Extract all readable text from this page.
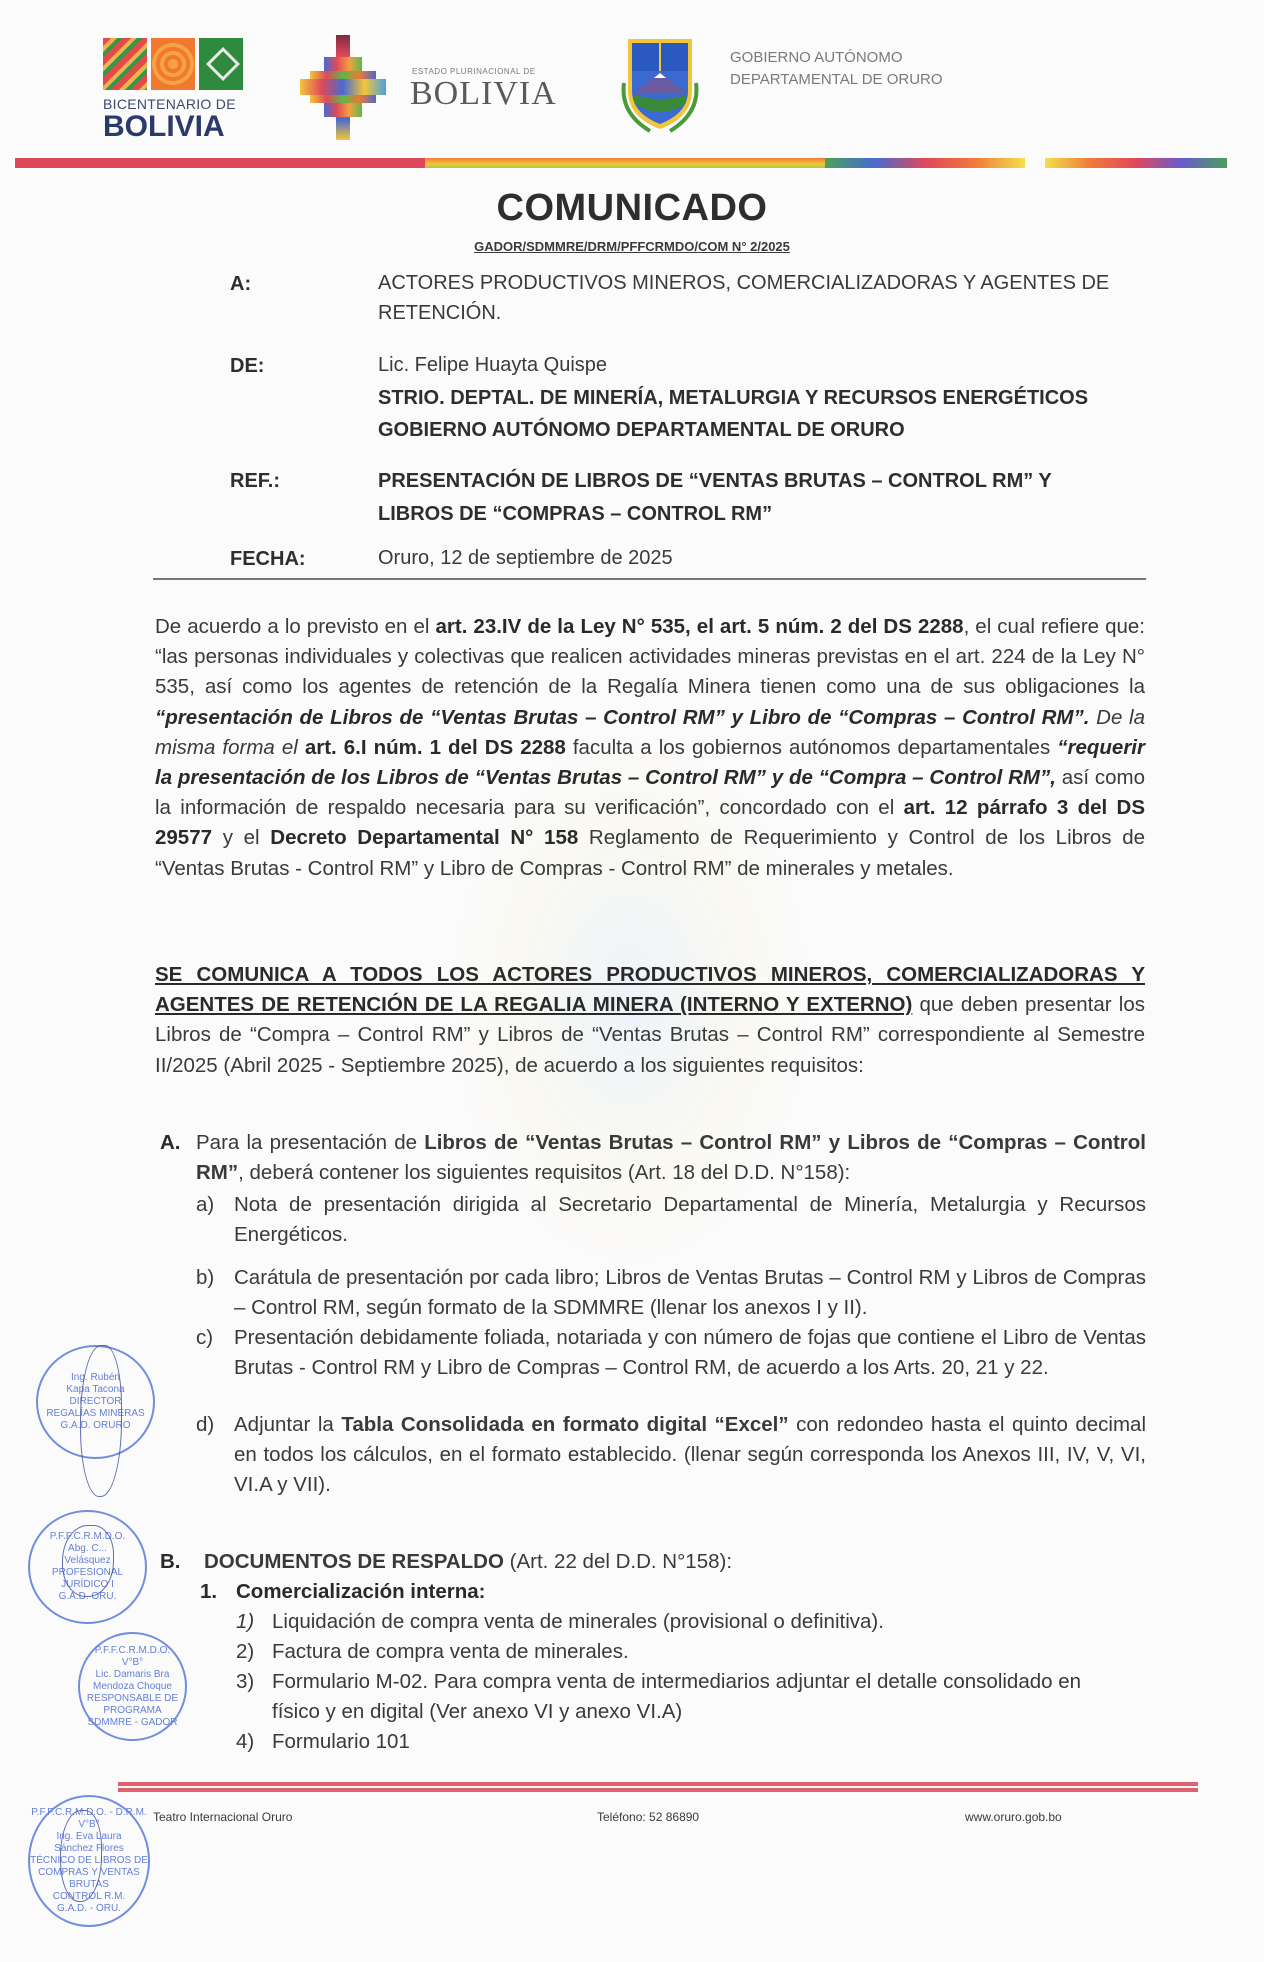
BICENTENARIO DE
BOLIVIA
ESTADO PLURINACIONAL DE
BOLIVIA
GOBIERNO AUTÓNOMO
DEPARTAMENTAL DE ORURO
COMUNICADO
GADOR/SDMMRE/DRM/PFFCRMDO/COM N° 2/2025
A:	ACTORES PRODUCTIVOS MINEROS, COMERCIALIZADORAS Y AGENTES DE RETENCIÓN.
DE:	Lic. Felipe Huayta Quispe
STRIO. DEPTAL. DE MINERÍA, METALURGIA Y RECURSOS ENERGÉTICOS
GOBIERNO AUTÓNOMO DEPARTAMENTAL DE ORURO
REF.:	PRESENTACIÓN DE LIBROS DE “VENTAS BRUTAS – CONTROL RM” Y LIBROS DE “COMPRAS – CONTROL RM”
FECHA:	Oruro, 12 de septiembre de 2025
De acuerdo a lo previsto en el art. 23.IV de la Ley N° 535, el art. 5 núm. 2 del DS 2288, el cual refiere que: “las personas individuales y colectivas que realicen actividades mineras previstas en el art. 224 de la Ley N° 535, así como los agentes de retención de la Regalía Minera tienen como una de sus obligaciones la “presentación de Libros de “Ventas Brutas – Control RM” y Libro de “Compras – Control RM”. De la misma forma el art. 6.I núm. 1 del DS 2288 faculta a los gobiernos autónomos departamentales “requerir la presentación de los Libros de “Ventas Brutas – Control RM” y de “Compra – Control RM”, así como la información de respaldo necesaria para su verificación”, concordado con el art. 12 párrafo 3 del DS 29577 y el Decreto Departamental N° 158 Reglamento de Requerimiento y Control de los Libros de “Ventas Brutas - Control RM” y Libro de Compras - Control RM” de minerales y metales.
SE COMUNICA A TODOS LOS ACTORES PRODUCTIVOS MINEROS, COMERCIALIZADORAS Y AGENTES DE RETENCIÓN DE LA REGALIA MINERA (INTERNO Y EXTERNO) que deben presentar los Libros de “Compra – Control RM” y Libros de “Ventas Brutas – Control RM” correspondiente al Semestre II/2025 (Abril 2025 - Septiembre 2025), de acuerdo a los siguientes requisitos:
A. Para la presentación de Libros de “Ventas Brutas – Control RM” y Libros de “Compras – Control RM”, deberá contener los siguientes requisitos (Art. 18 del D.D. N°158):
a) Nota de presentación dirigida al Secretario Departamental de Minería, Metalurgia y Recursos Energéticos.
b) Carátula de presentación por cada libro; Libros de Ventas Brutas – Control RM y Libros de Compras – Control RM, según formato de la SDMMRE (llenar los anexos I y II).
c) Presentación debidamente foliada, notariada y con número de fojas que contiene el Libro de Ventas Brutas - Control RM y Libro de Compras – Control RM, de acuerdo a los Arts. 20, 21 y 22.
d) Adjuntar la Tabla Consolidada en formato digital “Excel” con redondeo hasta el quinto decimal en todos los cálculos, en el formato establecido. (llenar según corresponda los Anexos III, IV, V, VI, VI.A y VII).
B. DOCUMENTOS DE RESPALDO (Art. 22 del D.D. N°158):
1. Comercialización interna:
1) Liquidación de compra venta de minerales (provisional o definitiva).
2) Factura de compra venta de minerales.
3) Formulario M-02. Para compra venta de intermediarios adjuntar el detalle consolidado en físico y en digital (Ver anexo VI y anexo VI.A)
4) Formulario 101
Ing. Rubén
Kapa Tacona
DIRECTOR
REGALÍAS MINERAS
G.A.D. ORURO
P.F.F.C.R.M.D.O.
Abg. C...
Velásquez
PROFESIONAL
JURÍDICO I
G.A.D. ORU.
P.F.F.C.R.M.D.O.
V°B°
Lic. Damaris Bra
Mendoza Choque
RESPONSABLE DE PROGRAMA
SDMMRE - GADOR
P.F.F.C.R.M.D.O. - D.R.M.
V°B°
Ing. Eva Laura
Sánchez Flores
TÉCNICO DE LIBROS DE
COMPRAS Y VENTAS BRUTAS
CONTROL R.M.
G.A.D. - ORU.
Teatro Internacional Oruro	Teléfono: 52 86890	www.oruro.gob.bo
